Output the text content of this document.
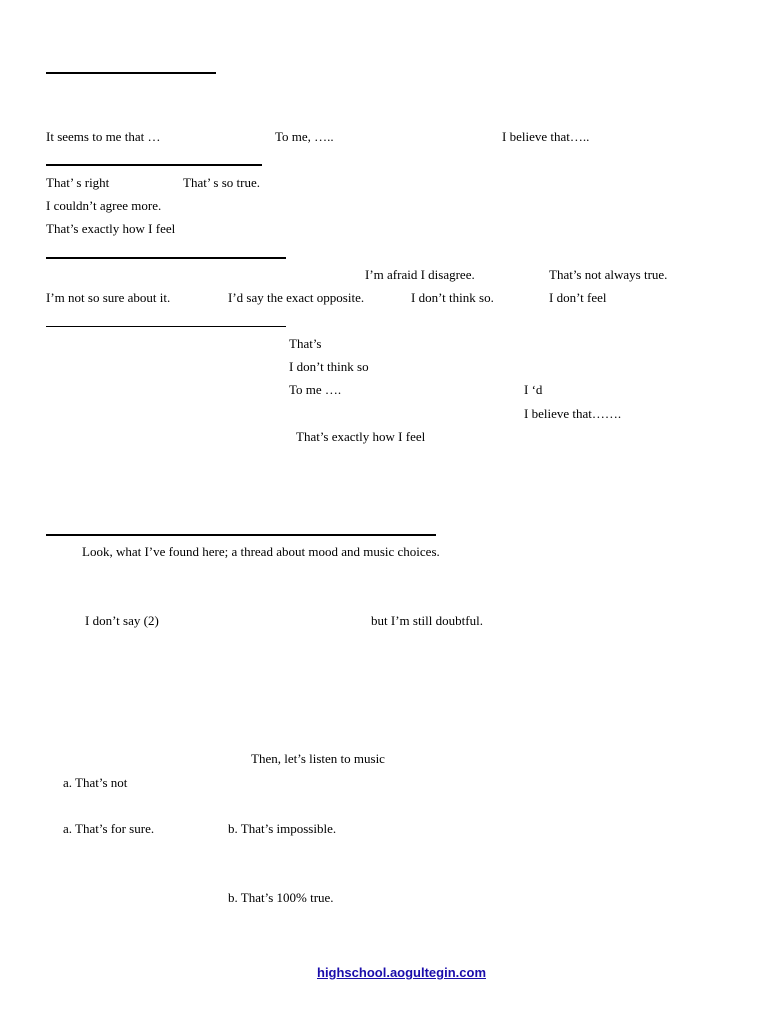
It seems to me that …	To me, …..	I believe that…..
That’ s right	That’ s so true.
I couldn’t agree more.
That’s exactly how I feel
I’m afraid I disagree.	That’s not always true.
I’m not so sure about it.	I’d say the exact opposite.	I don’t think so.	I don’t feel
That’s
I don’t think so
To me ….	I ‘d
I believe that…….
That’s exactly how I feel
Look, what I’ve found here; a thread about mood and music choices.
I don’t say (2)	but I’m still doubtful.
Then, let’s listen to music
a. That’s not
a. That’s for sure.	b. That’s impossible.
b. That’s 100% true.
highschool.aogultegin.com
